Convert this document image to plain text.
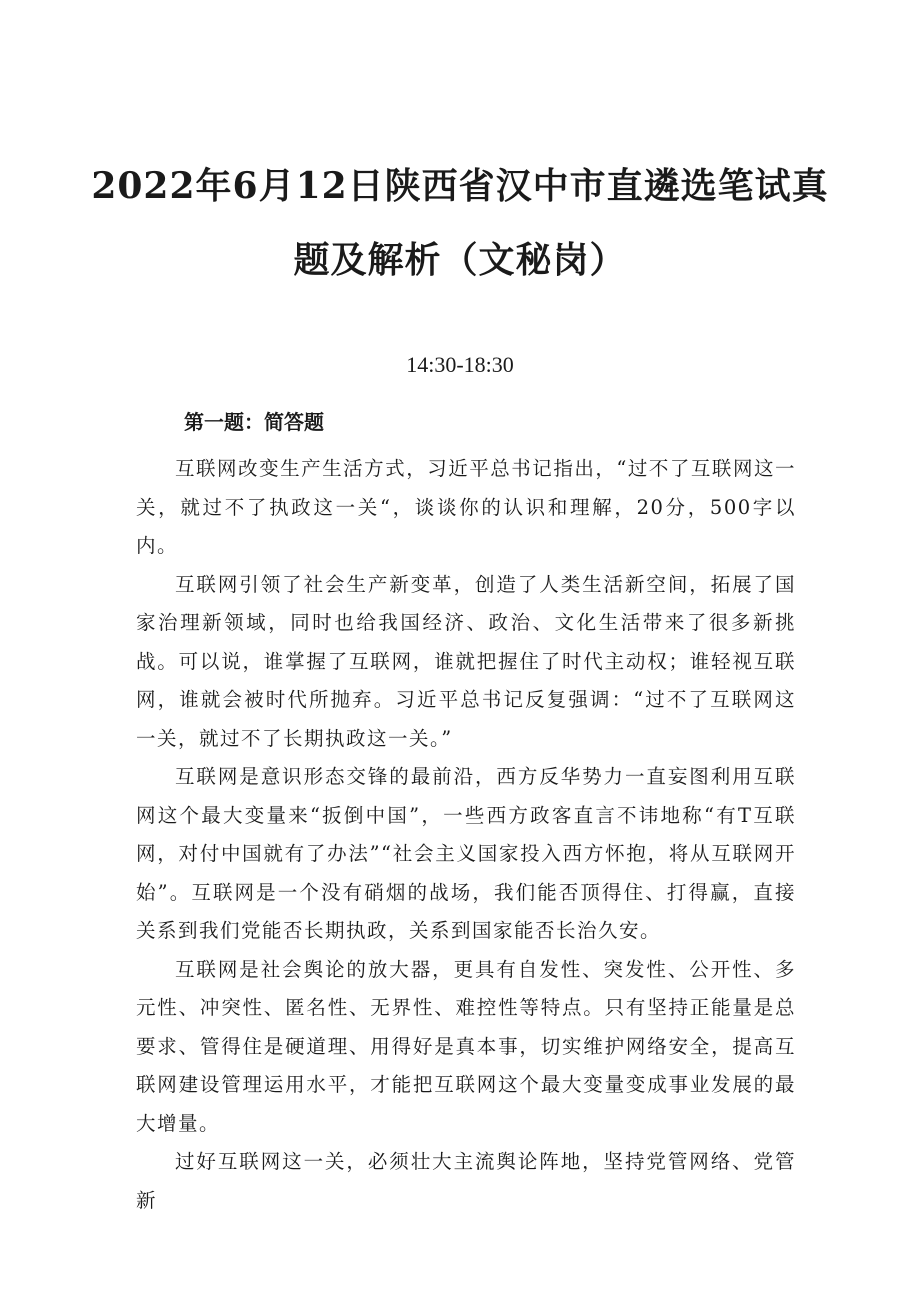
2022年6月12日陕西省汉中市直遴选笔试真
题及解析（文秘岗）
14:30-18:30
第一题：简答题

互联网改变生产生活方式，习近平总书记指出，“过不了互联网这一关，就过不了执政这一关“，谈谈你的认识和理解，20分，500字以内。

互联网引领了社会生产新变革，创造了人类生活新空间，拓展了国家治理新领域，同时也给我国经济、政治、文化生活带来了很多新挑战。可以说，谁掌握了互联网，谁就把握住了时代主动权；谁轻视互联网，谁就会被时代所抛弃。习近平总书记反复强调：“过不了互联网这一关，就过不了长期执政这一关。”

互联网是意识形态交锋的最前沿，西方反华势力一直妄图利用互联网这个最大变量来“扳倒中国”，一些西方政客直言不讳地称“有T互联网，对付中国就有了办法”“社会主义国家投入西方怀抱，将从互联网开始”。互联网是一个没有硝烟的战场，我们能否顶得住、打得赢，直接关系到我们党能否长期执政，关系到国家能否长治久安。

互联网是社会舆论的放大器，更具有自发性、突发性、公开性、多元性、冲突性、匿名性、无界性、难控性等特点。只有坚持正能量是总要求、管得住是硬道理、用得好是真本事，切实维护网络安全，提高互联网建设管理运用水平，才能把互联网这个最大变量变成事业发展的最大增量。

过好互联网这一关，必须壮大主流舆论阵地，坚持党管网络、党管新
